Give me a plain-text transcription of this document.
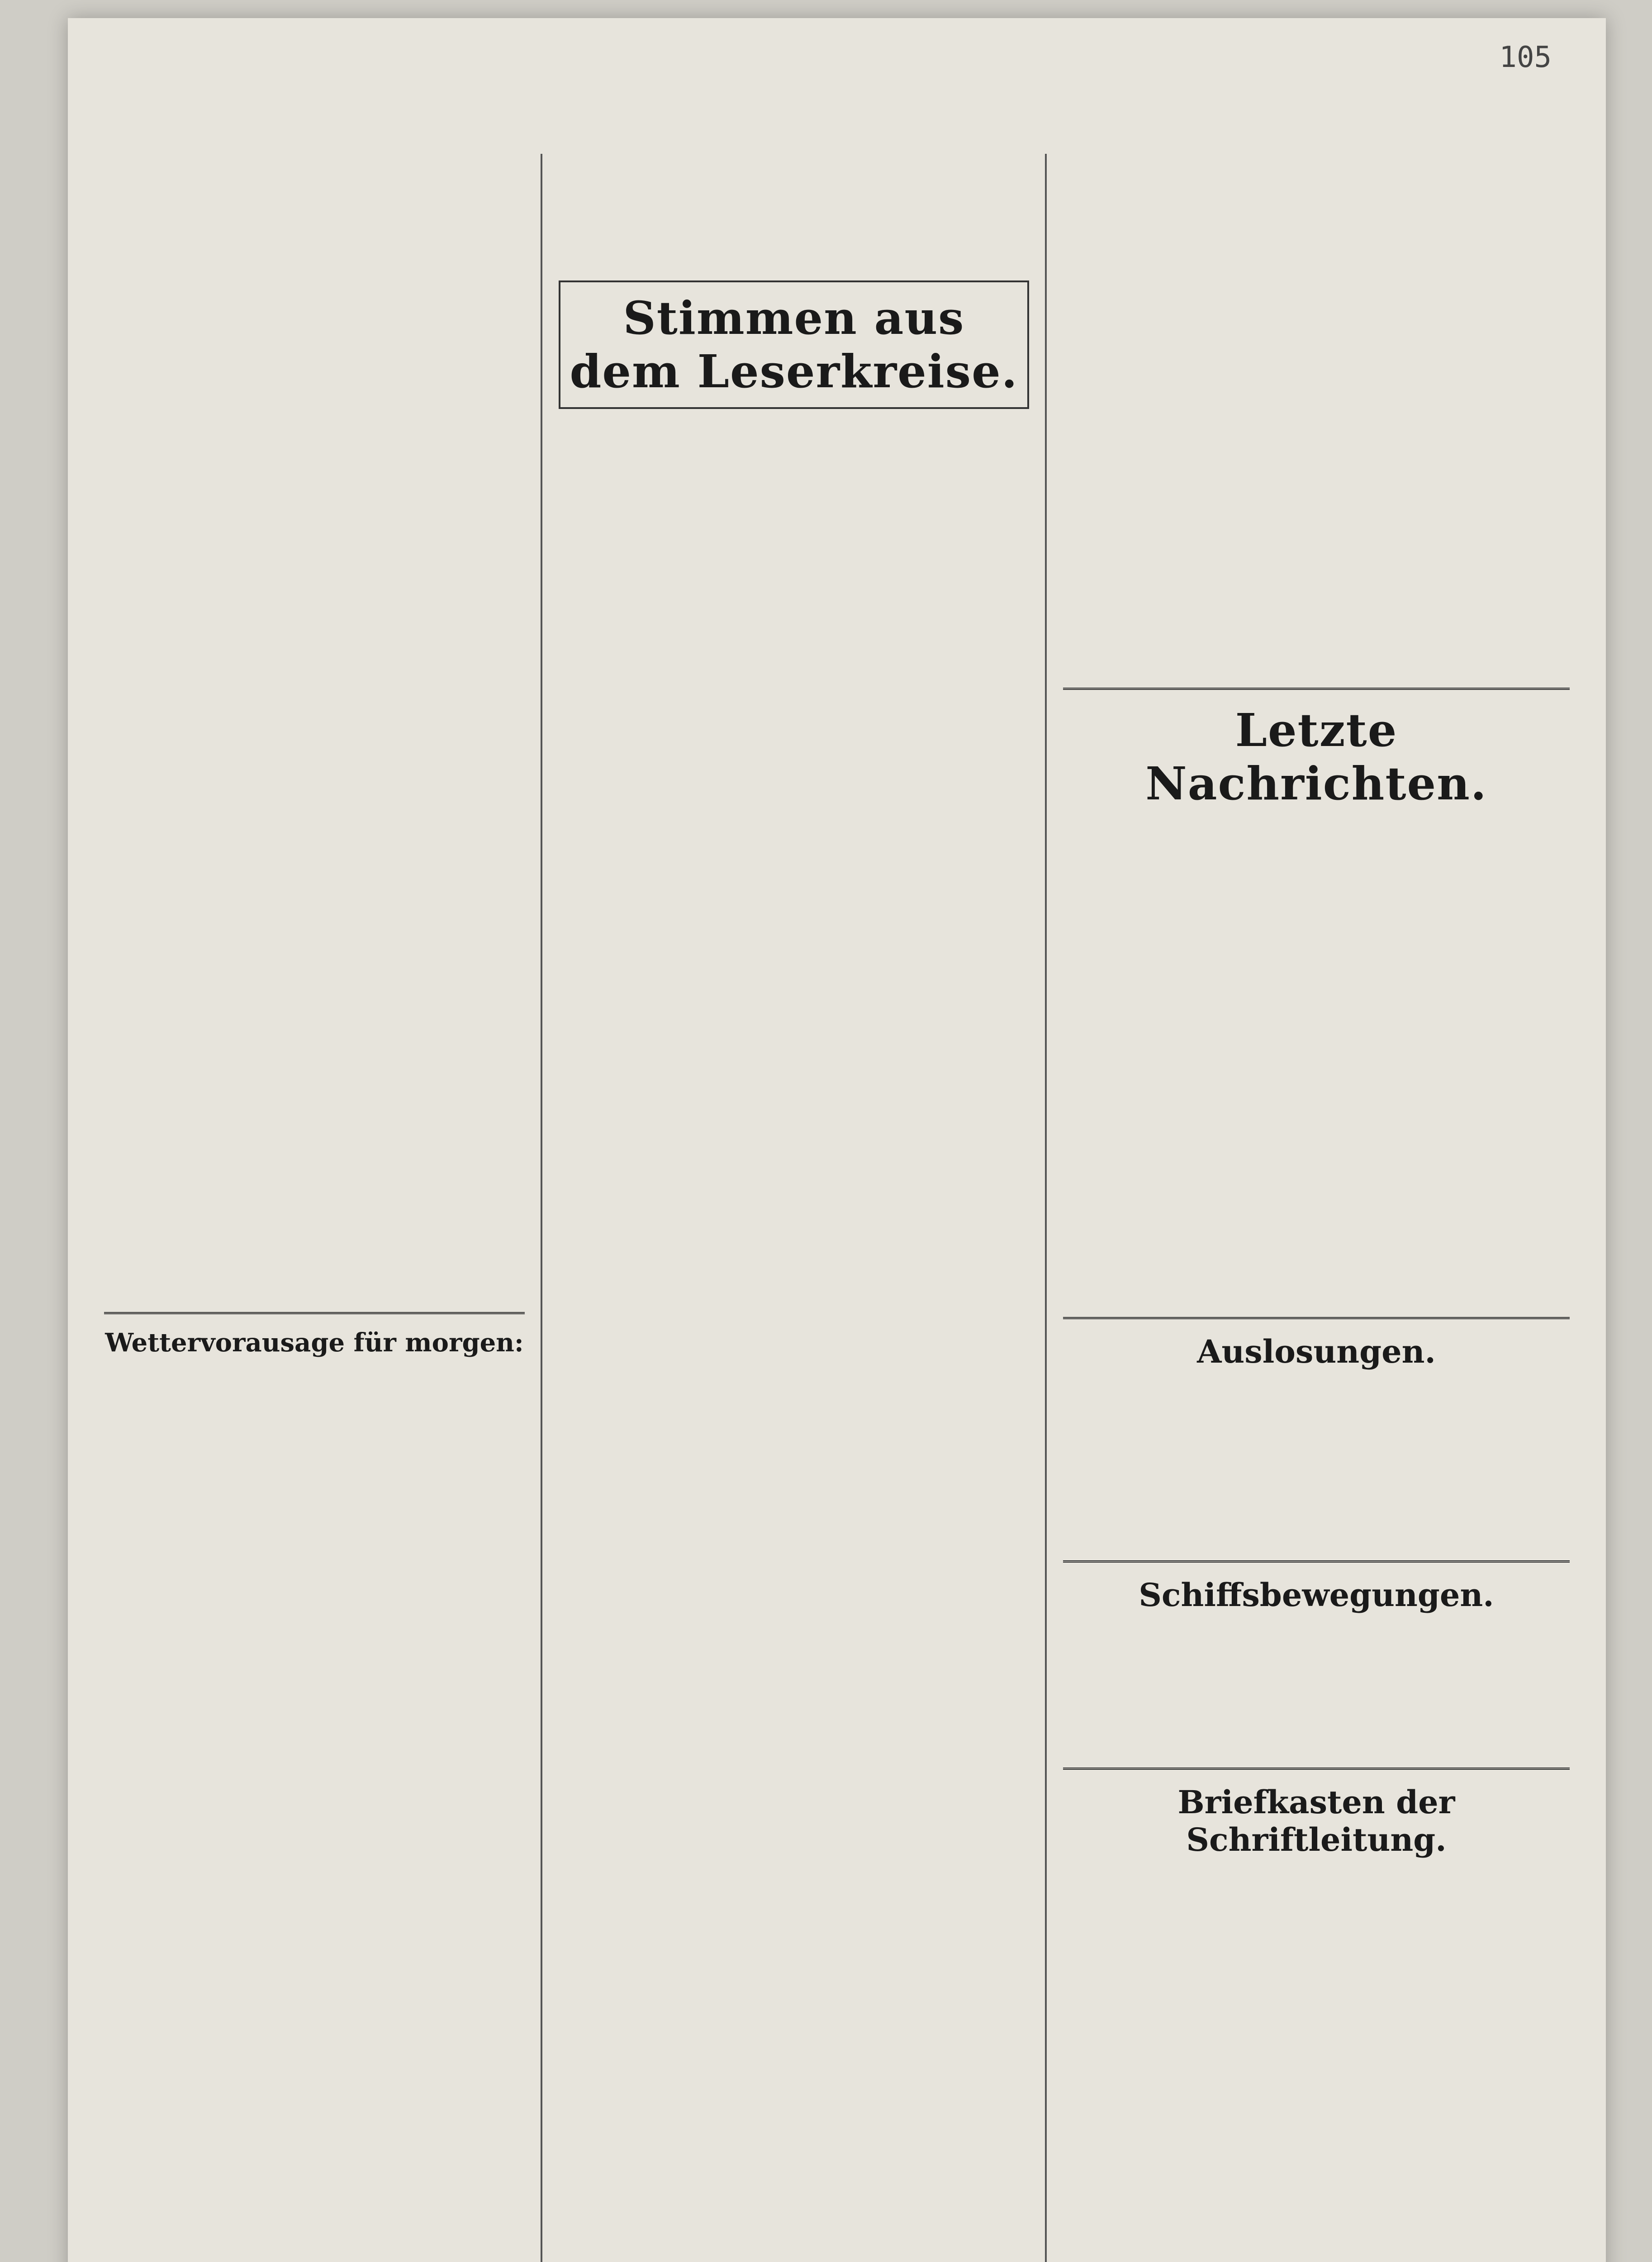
105
Wettervorausage für morgen:
Stimmen aus dem Leserkreise.
Letzte Nachrichten.
Auslosungen.
Schiffsbewegungen.
Briefkasten der Schriftleitung.
